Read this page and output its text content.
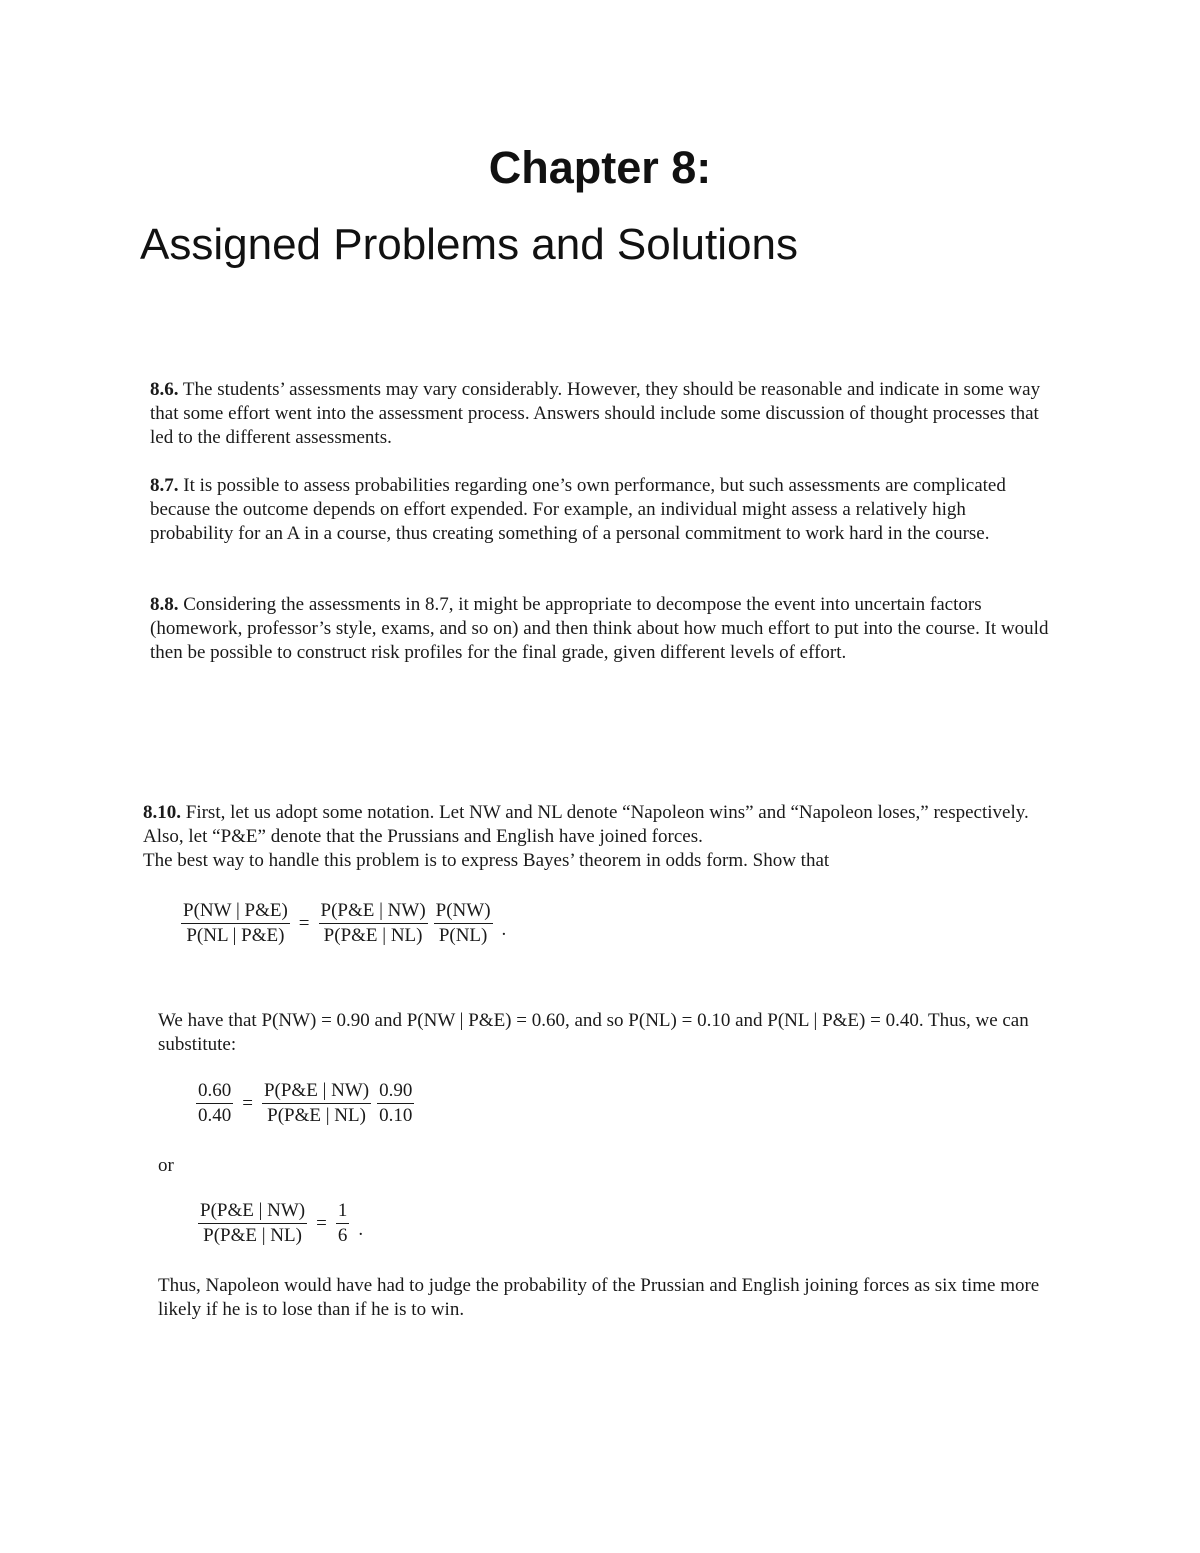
Chapter 8:
Assigned Problems and Solutions

8.6. The students’ assessments may vary considerably. However, they should be reasonable and indicate in some way that some effort went into the assessment process. Answers should include some discussion of thought processes that led to the different assessments.

8.7. It is possible to assess probabilities regarding one’s own performance, but such assessments are complicated because the outcome depends on effort expended. For example, an individual might assess a relatively high probability for an A in a course, thus creating something of a personal commitment to work hard in the course.

8.8. Considering the assessments in 8.7, it might be appropriate to decompose the event into uncertain factors (homework, professor’s style, exams, and so on) and then think about how much effort to put into the course. It would then be possible to construct risk profiles for the final grade, given different levels of effort.

8.10. First, let us adopt some notation. Let NW and NL denote “Napoleon wins” and “Napoleon loses,” respectively. Also, let “P&E” denote that the Prussians and English have joined forces.
The best way to handle this problem is to express Bayes’ theorem in odds form. Show that

$\frac{P(NW | P\&E)}{P(NL | P\&E)} = \frac{P(P\&E | NW)}{P(P\&E | NL)} \frac{P(NW)}{P(NL)}$ .

We have that P(NW) = 0.90 and P(NW | P&E) = 0.60, and so P(NL) = 0.10 and P(NL | P&E) = 0.40. Thus, we can substitute:

$\frac{0.60}{0.40} = \frac{P(P\&E | NW)}{P(P\&E | NL)} \frac{0.90}{0.10}$

or

$\frac{P(P\&E | NW)}{P(P\&E | NL)} = \frac{1}{6}$ .

Thus, Napoleon would have had to judge the probability of the Prussian and English joining forces as six time more likely if he is to lose than if he is to win.
